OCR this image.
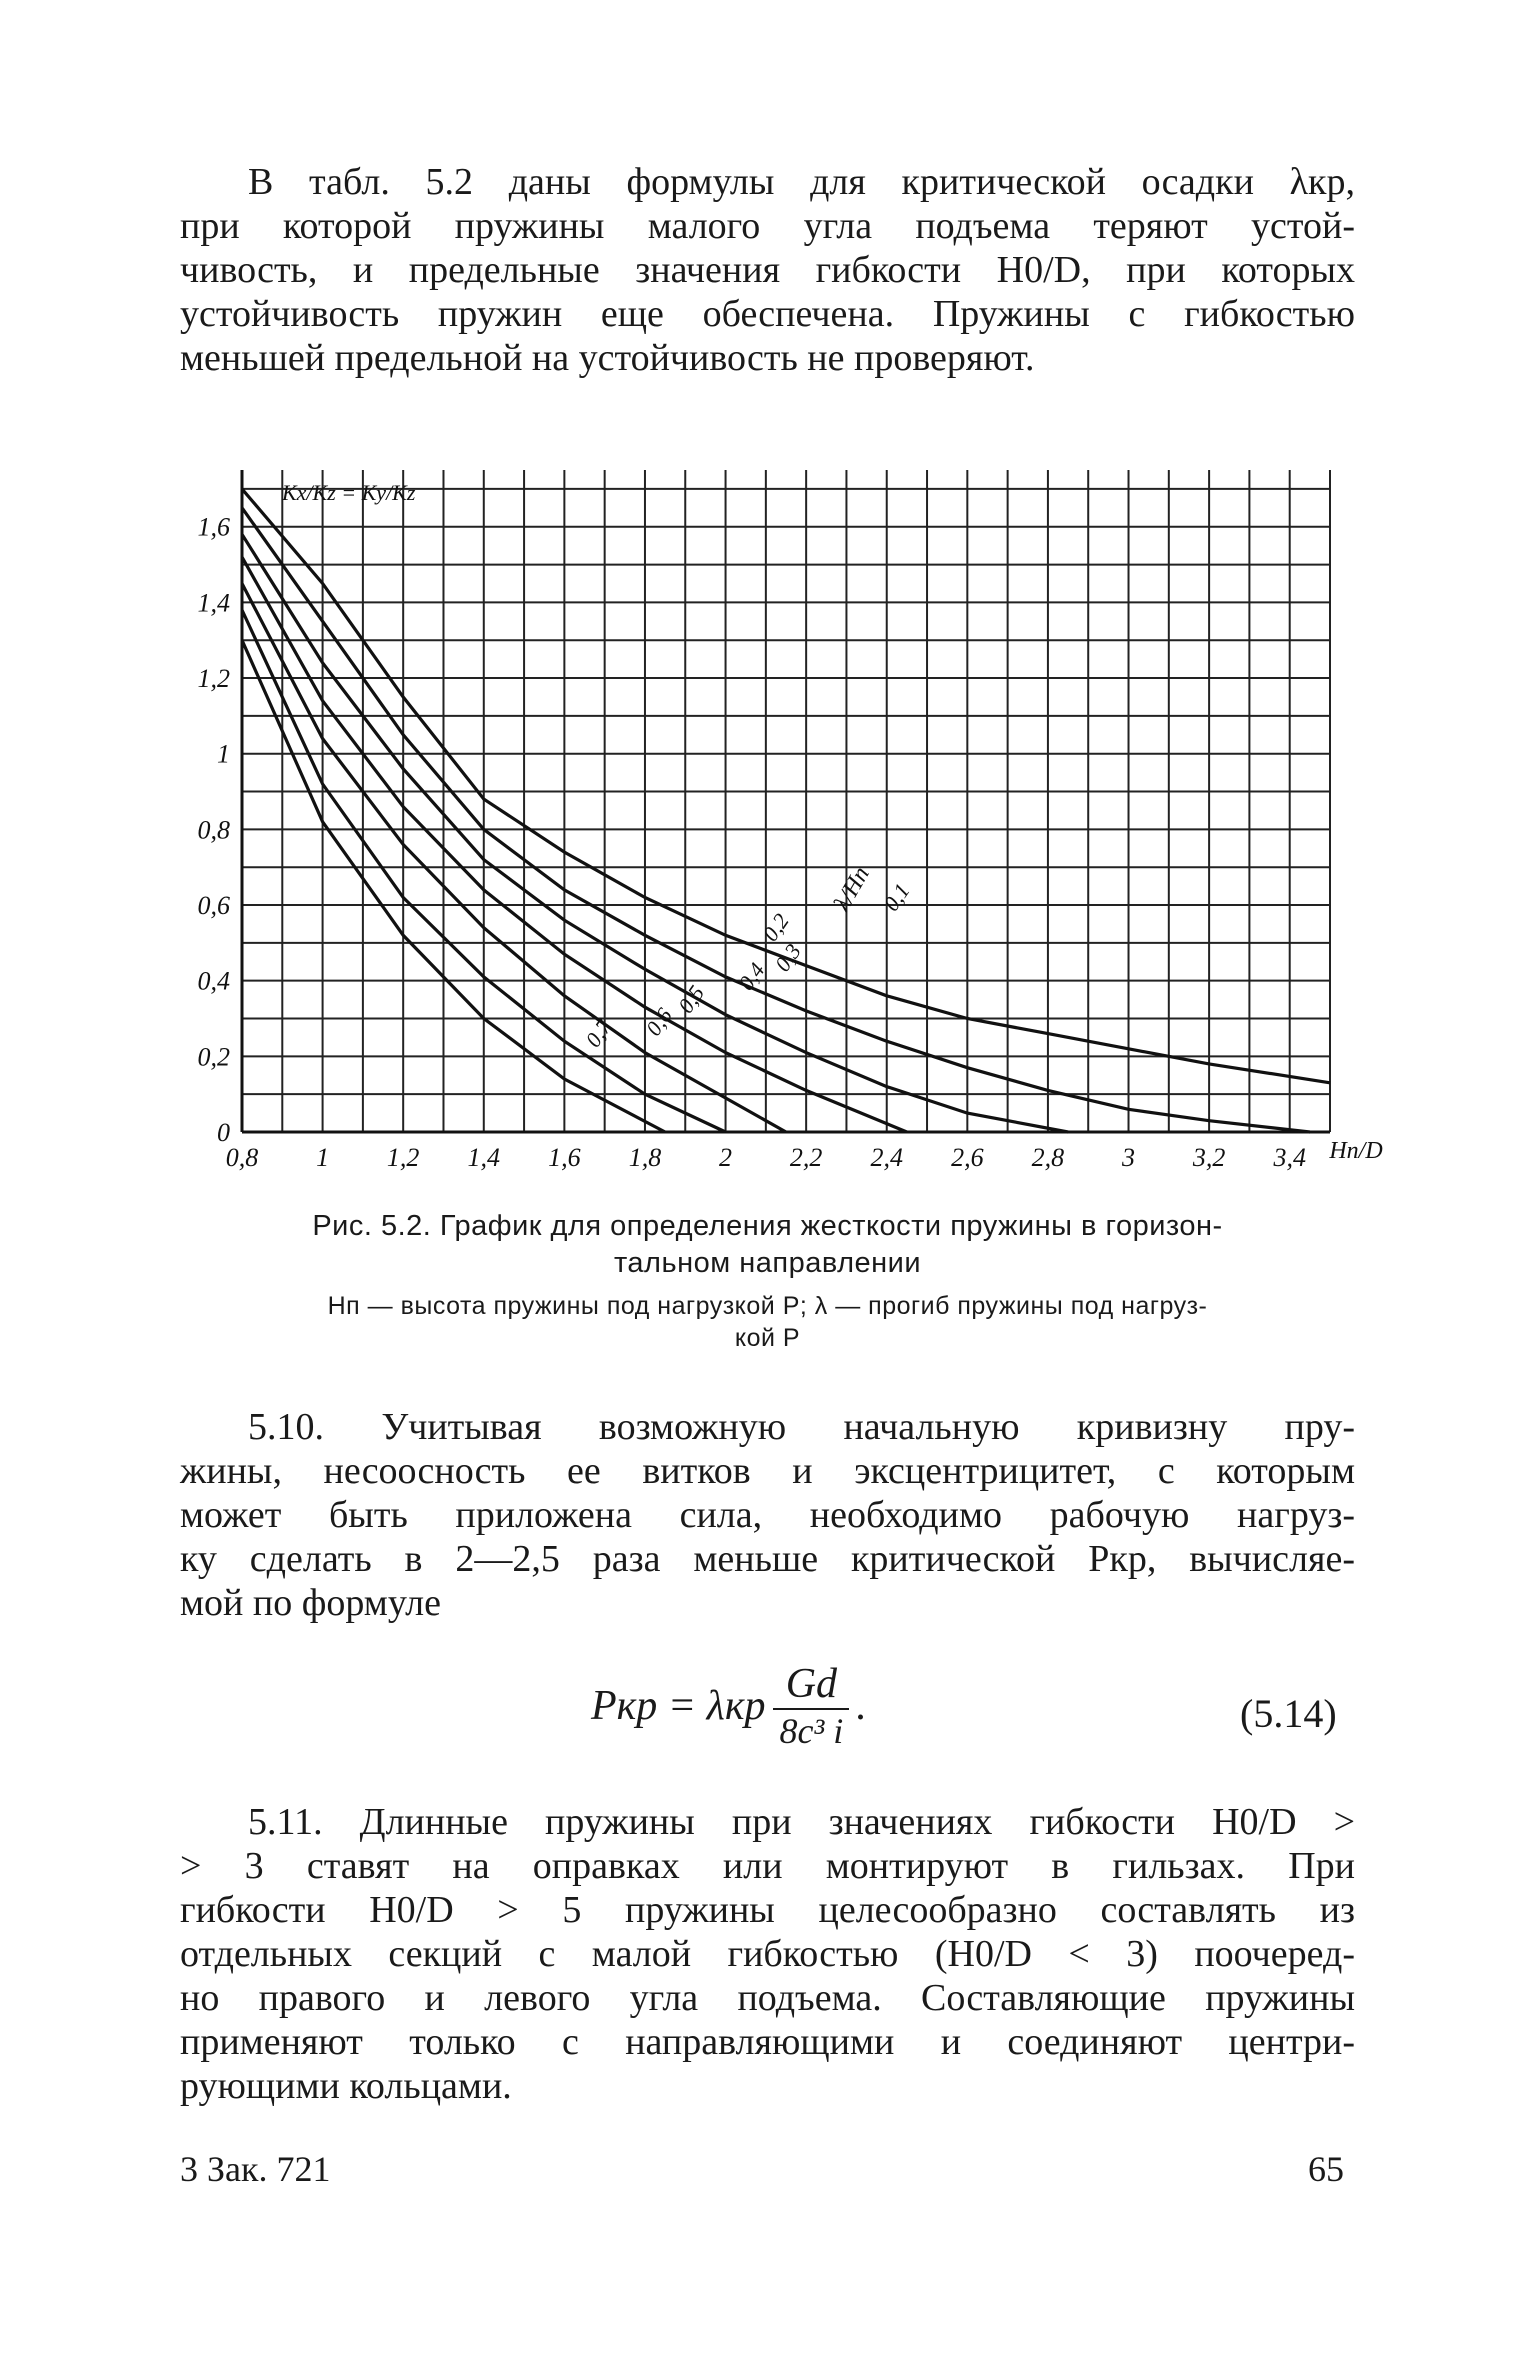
В табл. 5.2 даны формулы для критической осадки λкр,
при которой пружины малого угла подъема теряют устой-
чивость, и предельные значения гибкости H0/D, при которых
устойчивость пружин еще обеспечена. Пружины с гибкостью
меньшей предельной на устойчивость не проверяют.
0,8 1 1,2 1,4 1,6 1,8 2 2,2 2,4 2,6 2,8 3 3,2 3,4
0
0,2
0,4
0,6
0,8
1
1,2
1,4
1,6
Hп/D
Kx/Kz = Ky/Kz
λ/Hп 0,1
0,2
0,3
0,4
0,5
0,6
0,7
Рис. 5.2. График для определения жесткости пружины в горизон-
тальном направлении
Hп — высота пружины под нагрузкой P; λ — прогиб пружины под нагруз-
кой P
5.10. Учитывая возможную начальную кривизну пру-
жины, несоосность ее витков и эксцентрицитет, с которым
может быть приложена сила, необходимо рабочую нагруз-
ку сделать в 2—2,5 раза меньше критической Pкр, вычисляе-
мой по формуле
Pкр = λкр	Gd	.
8c³ i	(5.14)
5.11. Длинные пружины при значениях гибкости H0/D >
> 3 ставят на оправках или монтируют в гильзах. При
гибкости H0/D > 5 пружины целесообразно составлять из
отдельных секций с малой гибкостью (H0/D < 3) поочеред-
но правого и левого угла подъема. Составляющие пружины
применяют только с направляющими и соединяют центри-
рующими кольцами.
3 Зак. 721	65
